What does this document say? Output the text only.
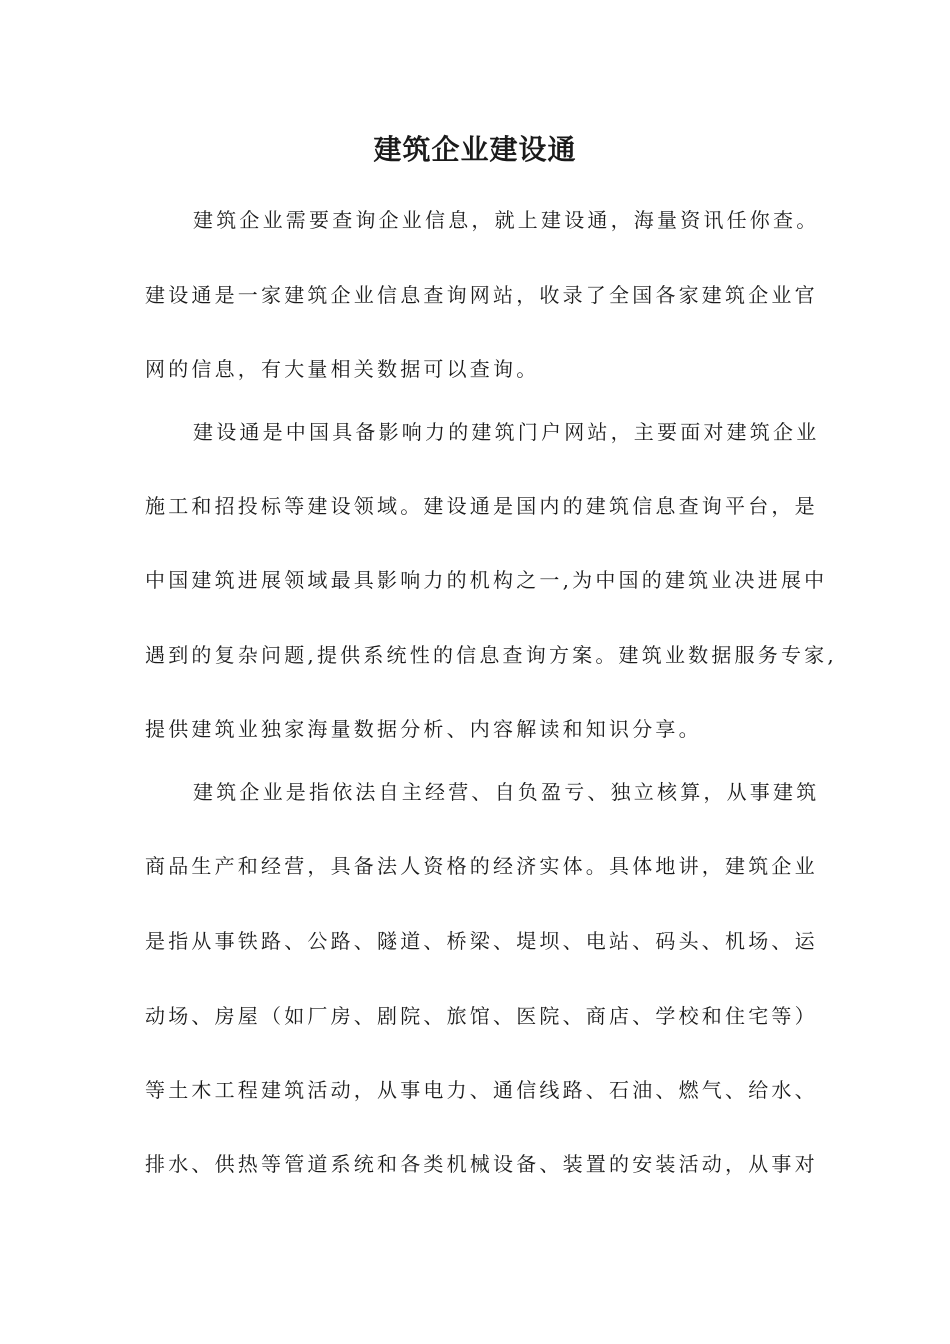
建筑企业建设通
建筑企业需要查询企业信息，就上建设通，海量资讯任你查。
建设通是一家建筑企业信息查询网站，收录了全国各家建筑企业官
网的信息，有大量相关数据可以查询。
建设通是中国具备影响力的建筑门户网站，主要面对建筑企业
施工和招投标等建设领域。建设通是国内的建筑信息查询平台，是
中国建筑进展领域最具影响力的机构之一,为中国的建筑业决进展中
遇到的复杂问题,提供系统性的信息查询方案。建筑业数据服务专家,
提供建筑业独家海量数据分析、内容解读和知识分享。
建筑企业是指依法自主经营、自负盈亏、独立核算，从事建筑
商品生产和经营，具备法人资格的经济实体。具体地讲，建筑企业
是指从事铁路、公路、隧道、桥梁、堤坝、电站、码头、机场、运
动场、房屋（如厂房、剧院、旅馆、医院、商店、学校和住宅等）
等土木工程建筑活动，从事电力、通信线路、石油、燃气、给水、
排水、供热等管道系统和各类机械设备、装置的安装活动，从事对
